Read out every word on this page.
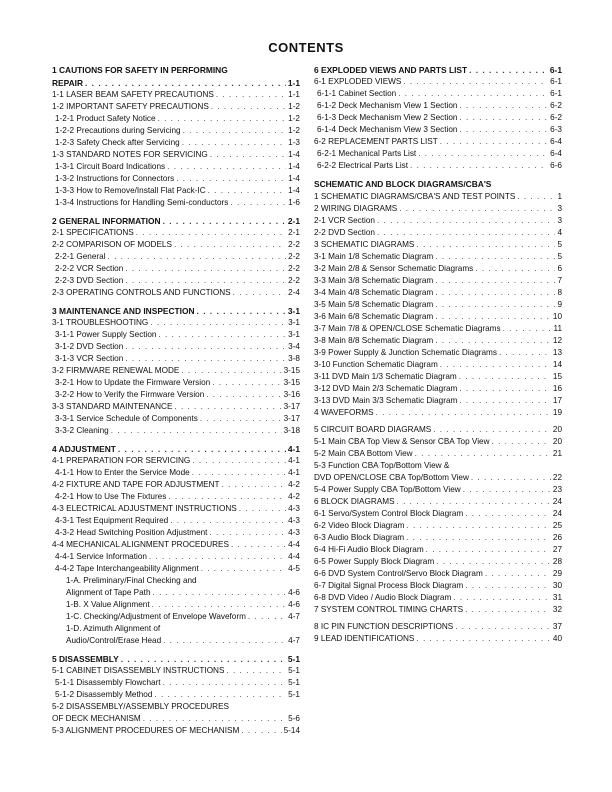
CONTENTS
1 CAUTIONS FOR SAFETY IN PERFORMING
REPAIR . . .	1-1
1-1 LASER BEAM SAFETY PRECAUTIONS . . .	1-1
1-2 IMPORTANT SAFETY PRECAUTIONS . . .	1-2
1-2-1 Product Safety Notice . . .	1-2
1-2-2 Precautions during Servicing . . .	1-2
1-2-3 Safety Check after Servicing . . .	1-3
1-3 STANDARD NOTES FOR SERVICING . . .	1-4
1-3-1 Circuit Board Indications . . .	1-4
1-3-2 Instructions for Connectors . . .	1-4
1-3-3 How to Remove/Install Flat Pack-IC . . .	1-4
1-3-4 Instructions for Handling Semi-conductors . . .	1-6
2 GENERAL INFORMATION . . .	2-1
2-1 SPECIFICATIONS . . .	2-1
2-2 COMPARISON OF MODELS . . .	2-2
2-2-1 General . . .	2-2
2-2-2 VCR Section . . .	2-2
2-2-3 DVD Section . . .	2-2
2-3 OPERATING CONTROLS AND FUNCTIONS . . .	2-4
3 MAINTENANCE AND INSPECTION . . .	3-1
3-1 TROUBLESHOOTING . . .	3-1
3-1-1 Power Supply Section . . .	3-1
3-1-2 DVD Section . . .	3-4
3-1-3 VCR Section . . .	3-8
3-2 FIRMWARE RENEWAL MODE . . .	3-15
3-2-1 How to Update the Firmware Version . . .	3-15
3-2-2 How to Verify the Firmware Version . . .	3-16
3-3 STANDARD MAINTENANCE . . .	3-17
3-3-1 Service Schedule of Components . . .	3-17
3-3-2 Cleaning . . .	3-18
4 ADJUSTMENT . . .	4-1
4-1 PREPARATION FOR SERVICING . . .	4-1
4-1-1 How to Enter the Service Mode . . .	4-1
4-2 FIXTURE AND TAPE FOR ADJUSTMENT . . .	4-2
4-2-1 How to Use The Fixtures . . .	4-2
4-3 ELECTRICAL ADJUSTMENT INSTRUCTIONS . . .	4-3
4-3-1 Test Equipment Required . . .	4-3
4-3-2 Head Switching Position Adjustment . . .	4-3
4-4 MECHANICAL ALIGNMENT PROCEDURES . . .	4-4
4-4-1 Service Information . . .	4-4
4-4-2 Tape Interchangeability Alignment . . .	4-5
1-A. Preliminary/Final Checking and
Alignment of Tape Path . . .	4-6
1-B. X Value Alignment . . .	4-6
1-C. Checking/Adjustment of Envelope Waveform . . .	4-7
1-D. Azimuth Alignment of
Audio/Control/Erase Head . . .	4-7
5 DISASSEMBLY . . .	5-1
5-1 CABINET DISASSEMBLY INSTRUCTIONS . . .	5-1
5-1-1 Disassembly Flowchart . . .	5-1
5-1-2 Disassembly Method . . .	5-1
5-2 DISASSEMBLY/ASSEMBLY PROCEDURES
OF DECK MECHANISM . . .	5-6
5-3 ALIGNMENT PROCEDURES OF MECHANISM . . .	5-14
6 EXPLODED VIEWS AND PARTS LIST . . .	6-1
6-1 EXPLODED VIEWS . . .	6-1
6-1-1 Cabinet Section . . .	6-1
6-1-2 Deck Mechanism View 1 Section . . .	6-2
6-1-3 Deck Mechanism View 2 Section . . .	6-2
6-1-4 Deck Mechanism View 3 Section . . .	6-3
6-2 REPLACEMENT PARTS LIST . . .	6-4
6-2-1 Mechanical Parts List . . .	6-4
6-2-2 Electrical Parts List . . .	6-6
SCHEMATIC AND BLOCK DIAGRAMS/CBA'S
1 SCHEMATIC DIAGRAMS/CBA'S AND TEST POINTS . . .	1
2 WIRING DIAGRAMS . . .	3
2-1 VCR Section . . .	3
2-2 DVD Section . . .	4
3 SCHEMATIC DIAGRAMS . . .	5
3-1 Main 1/8 Schematic Diagram . . .	5
3-2 Main 2/8 & Sensor Schematic Diagrams . . .	6
3-3 Main 3/8 Schematic Diagram . . .	7
3-4 Main 4/8 Schematic Diagram . . .	8
3-5 Main 5/8 Schematic Diagram . . .	9
3-6 Main 6/8 Schematic Diagram . . .	10
3-7 Main 7/8 & OPEN/CLOSE Schematic Diagrams . . .	11
3-8 Main 8/8 Schematic Diagram . . .	12
3-9 Power Supply & Junction Schematic Diagrams . . .	13
3-10 Function Schematic Diagram . . .	14
3-11 DVD Main 1/3 Schematic Diagram . . .	15
3-12 DVD Main 2/3 Schematic Diagram . . .	16
3-13 DVD Main 3/3 Schematic Diagram . . .	17
4 WAVEFORMS . . .	19
5 CIRCUIT BOARD DIAGRAMS . . .	20
5-1 Main CBA Top View & Sensor CBA Top View . . .	20
5-2 Main CBA Bottom View . . .	21
5-3 Function CBA Top/Bottom View &
DVD OPEN/CLOSE CBA Top/Bottom View . . .	22
5-4 Power Supply CBA Top/Bottom View . . .	23
6 BLOCK DIAGRAMS . . .	24
6-1 Servo/System Control Block Diagram . . .	24
6-2 Video Block Diagram . . .	25
6-3 Audio Block Diagram . . .	26
6-4 Hi-Fi Audio Block Diagram . . .	27
6-5 Power Supply Block Diagram . . .	28
6-6 DVD System Control/Servo Block Diagram . . .	29
6-7 Digital Signal Process Block Diagram . . .	30
6-8 DVD Video / Audio Block Diagram . . .	31
7 SYSTEM CONTROL TIMING CHARTS . . .	32
8 IC PIN FUNCTION DESCRIPTIONS . . .	37
9 LEAD IDENTIFICATIONS . . .	40
